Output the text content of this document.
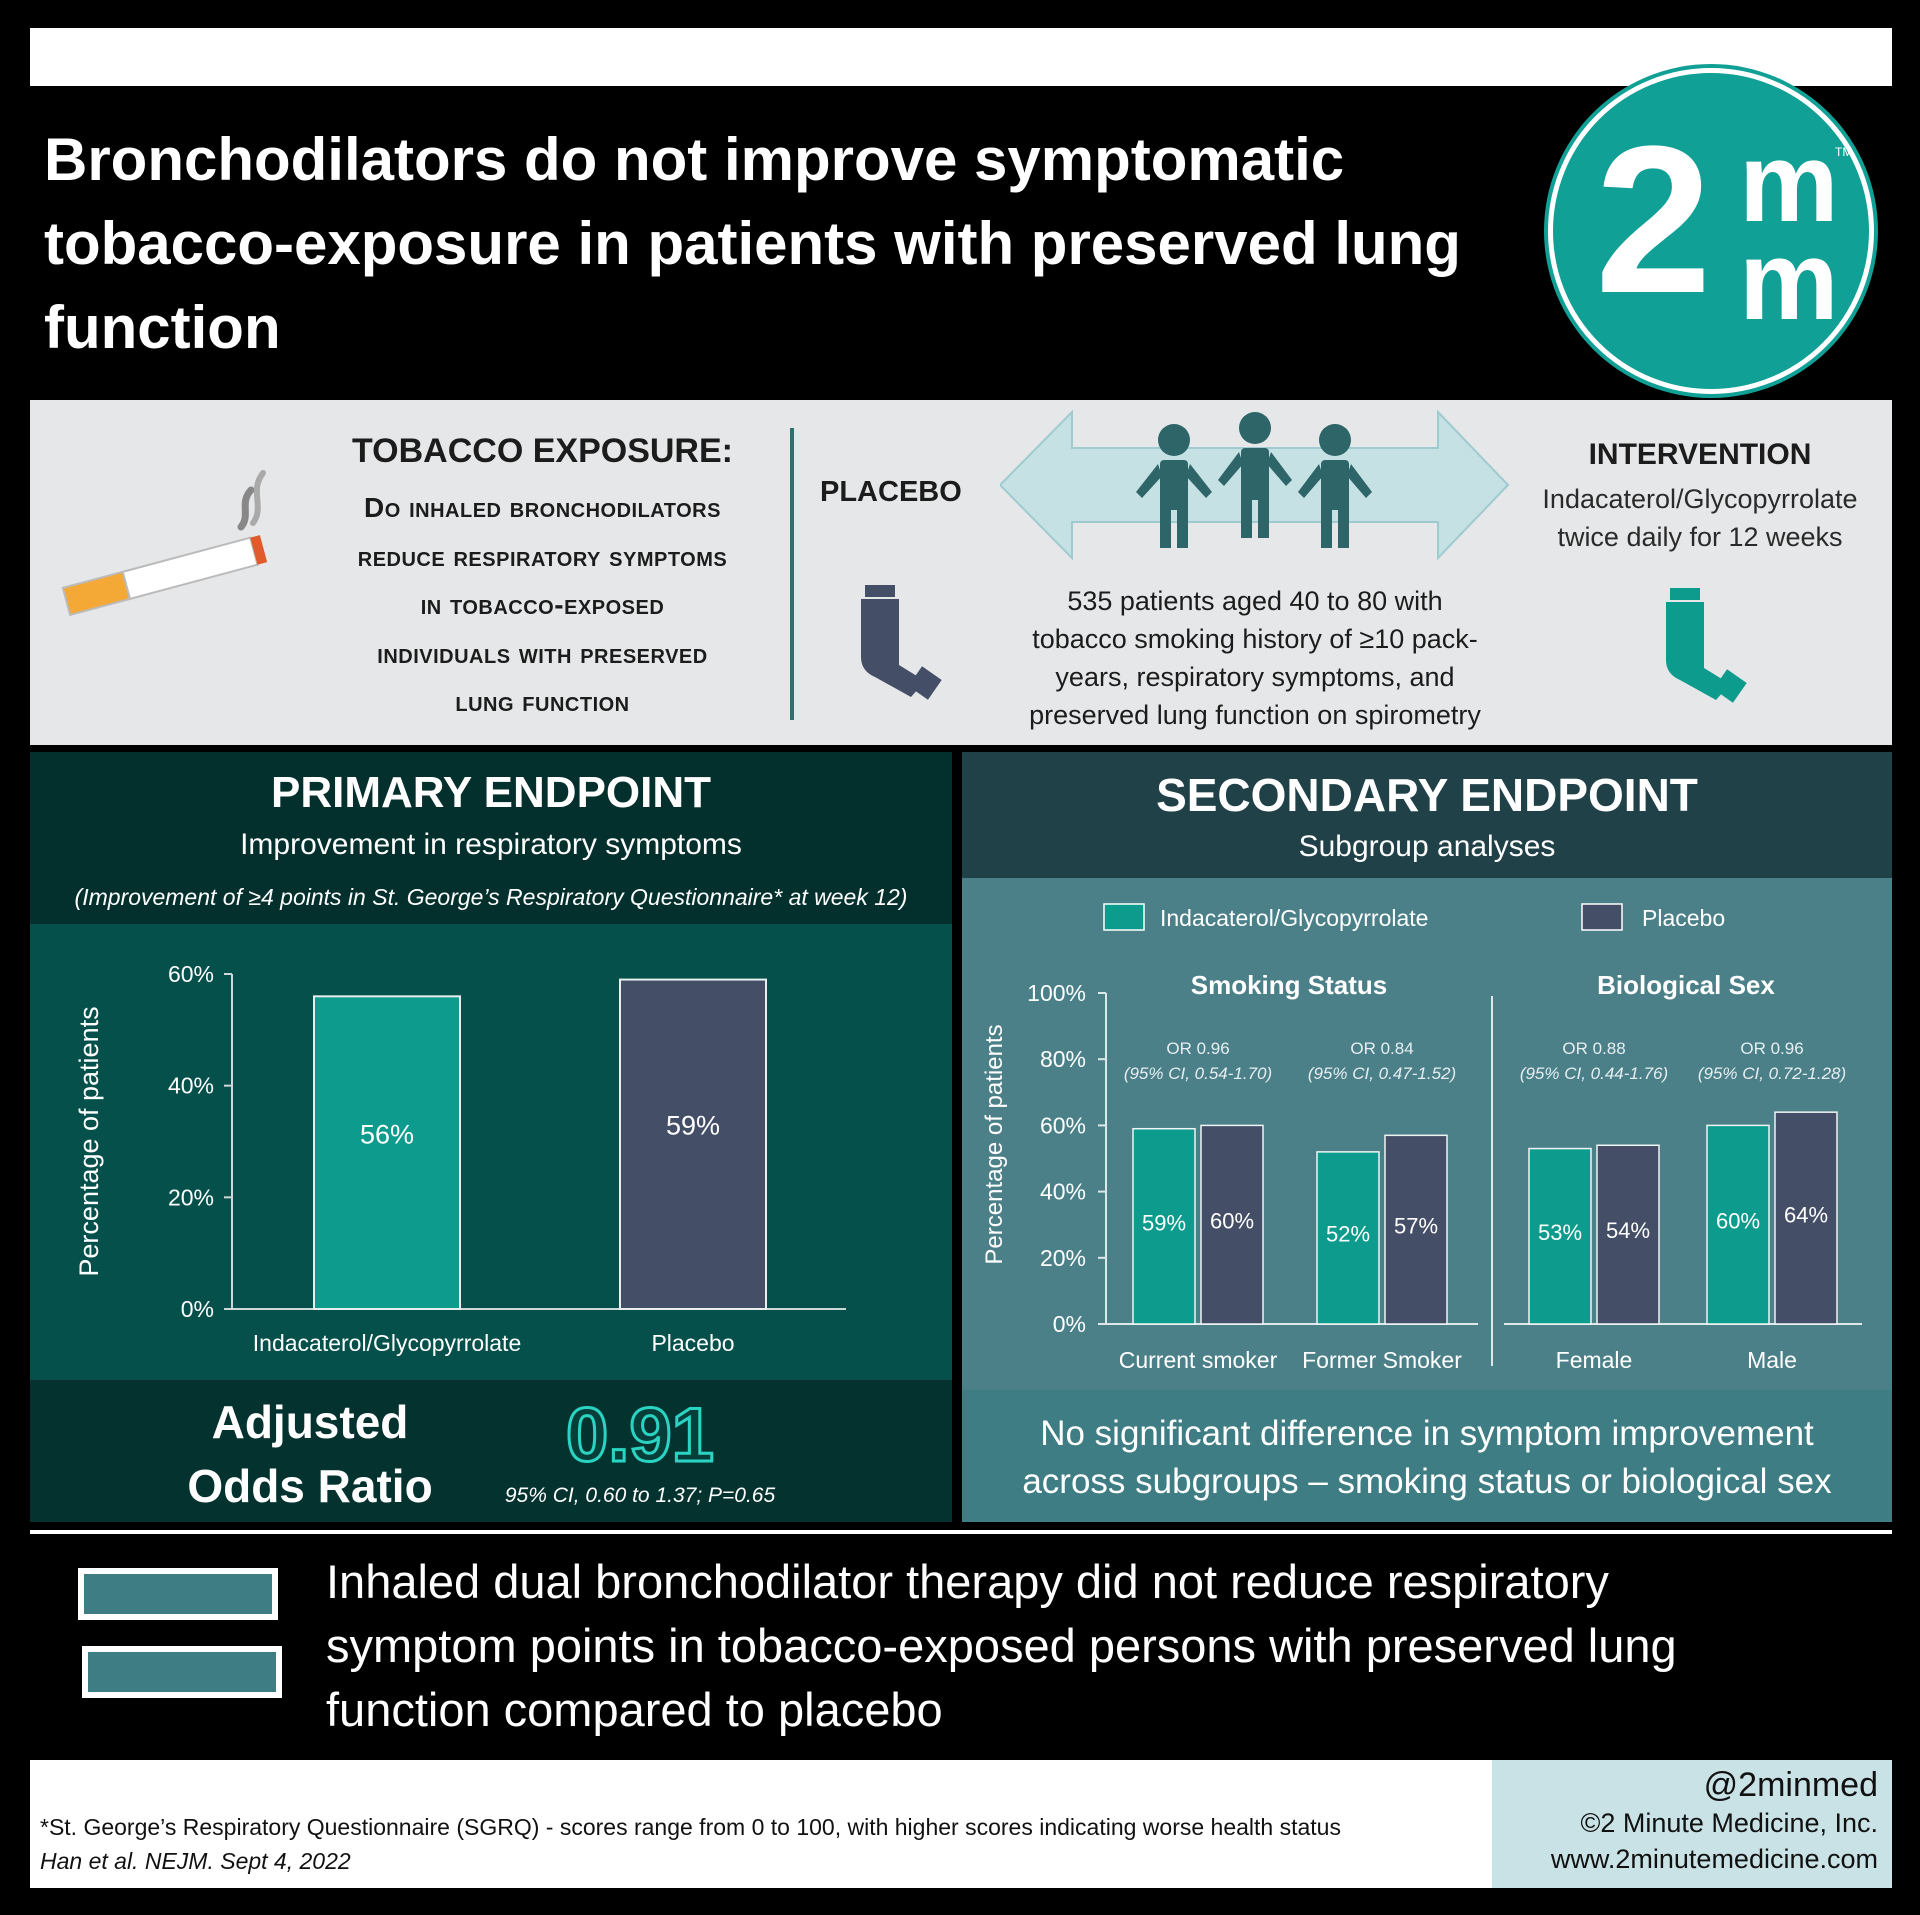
Bronchodilators do not improve symptomatic tobacco-exposure in patients with preserved lung function	2 m
m
TM
TOBACCO EXPOSURE:
Do inhaled bronchodilators
reduce respiratory symptoms
in tobacco-exposed
individuals with preserved
lung function
PLACEBO
INTERVENTION
Indacaterol/Glycopyrrolate
twice daily for 12 weeks
535 patients aged 40 to 80 with
tobacco smoking history of ≥10 pack-
years, respiratory symptoms, and
preserved lung function on spirometry
PRIMARY ENDPOINT
Improvement in respiratory symptoms
(Improvement of ≥4 points in St. George’s Respiratory Questionnaire* at week 12)
0%
20%
40%
60%
Percentage of patients	56%
Indacaterol/Glycopyrrolate
59%
Placebo
Adjusted
Odds Ratio
0.91
95% CI, 0.60 to 1.37; P=0.65
SECONDARY ENDPOINT
Subgroup analyses
Indacaterol/Glycopyrrolate	Placebo
0%
20%
40%
60%
80%
100%
Percentage of patients
Smoking Status
OR 0.96
(95% CI, 0.54-1.70)
59% 60%
Current smoker
OR 0.84
(95% CI, 0.47-1.52)
52% 57%
Former Smoker
Biological Sex
OR 0.88
(95% CI, 0.44-1.76)
53% 54%
Female
OR 0.96
(95% CI, 0.72-1.28)
60% 64%
Male
No significant difference in symptom improvement
across subgroups – smoking status or biological sex
Inhaled dual bronchodilator therapy did not reduce respiratory
symptom points in tobacco-exposed persons with preserved lung
function compared to placebo
@2minmed
©2 Minute Medicine, Inc.
www.2minutemedicine.com
*St. George’s Respiratory Questionnaire (SGRQ) - scores range from 0 to 100, with higher scores indicating worse health status
Han et al. NEJM. Sept 4, 2022
